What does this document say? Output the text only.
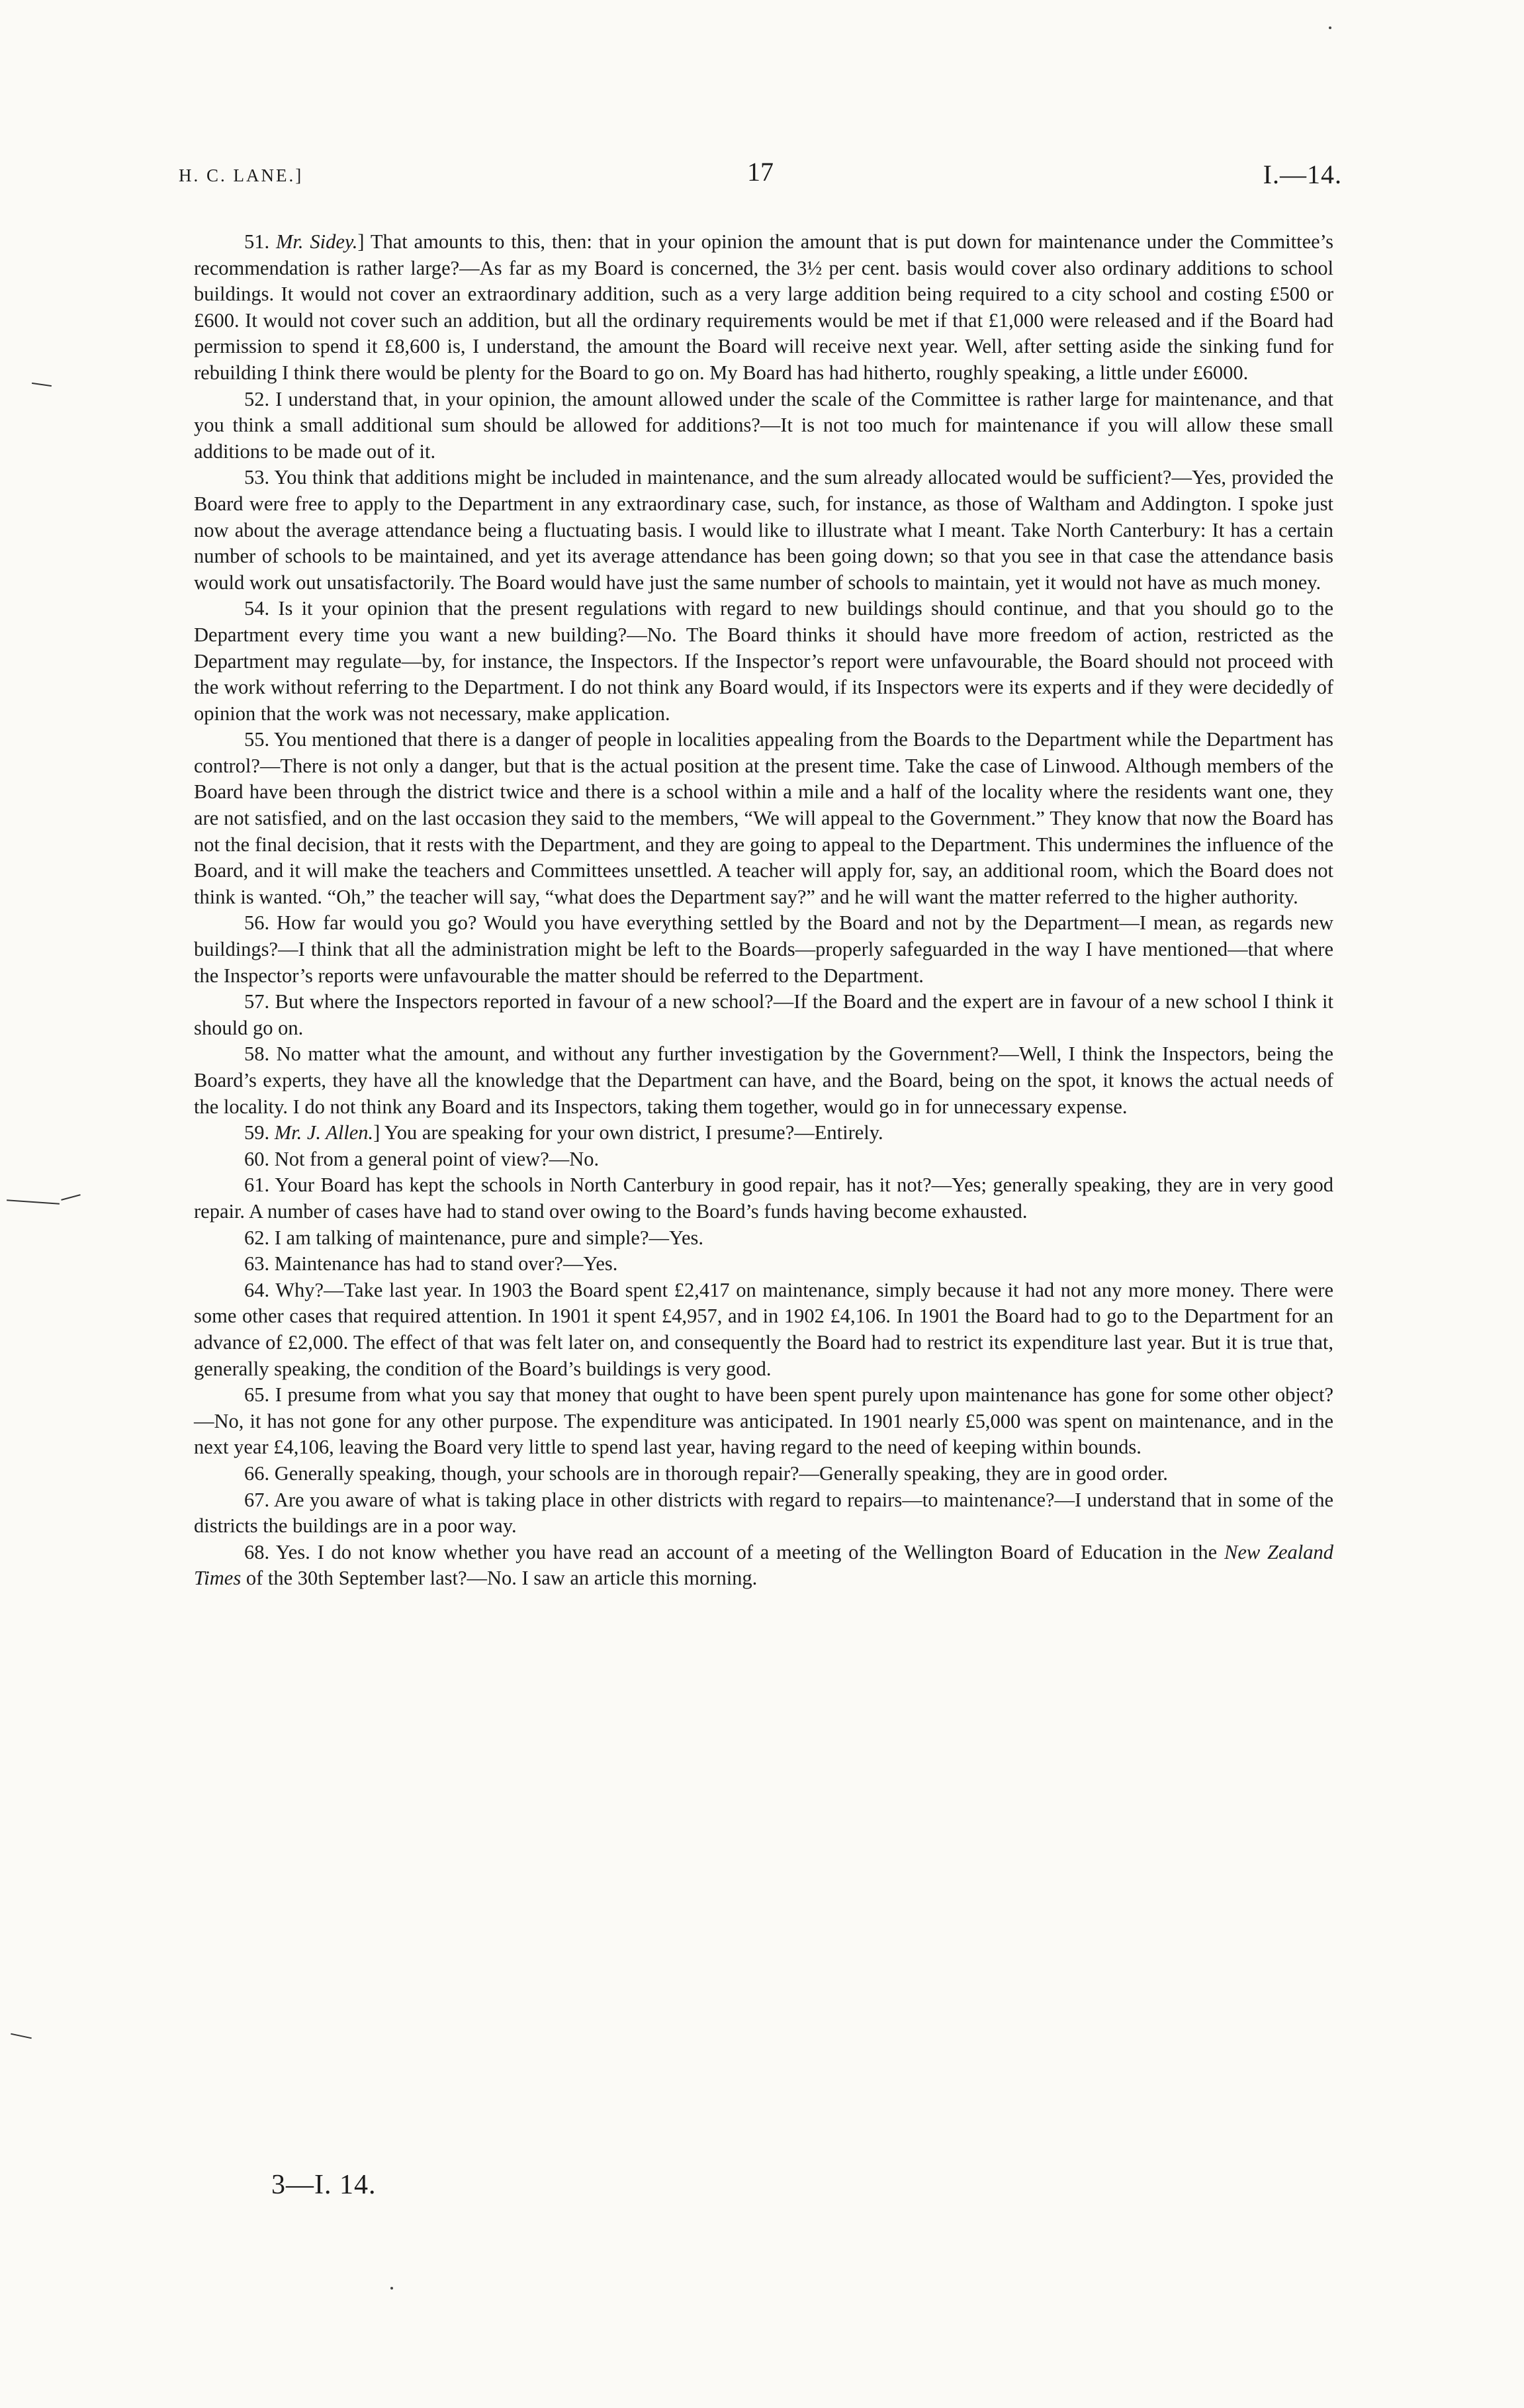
H. C. LANE.]	17	I.—14.

51. Mr. Sidey.] That amounts to this, then: that in your opinion the amount that is put down for maintenance under the Committee’s recommendation is rather large?—As far as my Board is concerned, the 3½ per cent. basis would cover also ordinary additions to school buildings. It would not cover an extraordinary addition, such as a very large addition being required to a city school and costing £500 or £600. It would not cover such an addition, but all the ordinary requirements would be met if that £1,000 were released and if the Board had permission to spend it £8,600 is, I understand, the amount the Board will receive next year. Well, after setting aside the sinking fund for rebuilding I think there would be plenty for the Board to go on. My Board has had hitherto, roughly speaking, a little under £6000.

52. I understand that, in your opinion, the amount allowed under the scale of the Committee is rather large for maintenance, and that you think a small additional sum should be allowed for additions?—It is not too much for maintenance if you will allow these small additions to be made out of it.

53. You think that additions might be included in maintenance, and the sum already allocated would be sufficient?—Yes, provided the Board were free to apply to the Department in any extraordinary case, such, for instance, as those of Waltham and Addington. I spoke just now about the average attendance being a fluctuating basis. I would like to illustrate what I meant. Take North Canterbury: It has a certain number of schools to be maintained, and yet its average attendance has been going down; so that you see in that case the attendance basis would work out unsatisfactorily. The Board would have just the same number of schools to maintain, yet it would not have as much money.

54. Is it your opinion that the present regulations with regard to new buildings should continue, and that you should go to the Department every time you want a new building?—No. The Board thinks it should have more freedom of action, restricted as the Department may regulate—by, for instance, the Inspectors. If the Inspector’s report were unfavourable, the Board should not proceed with the work without referring to the Department. I do not think any Board would, if its Inspectors were its experts and if they were decidedly of opinion that the work was not necessary, make application.

55. You mentioned that there is a danger of people in localities appealing from the Boards to the Department while the Department has control?—There is not only a danger, but that is the actual position at the present time. Take the case of Linwood. Although members of the Board have been through the district twice and there is a school within a mile and a half of the locality where the residents want one, they are not satisfied, and on the last occasion they said to the members, “We will appeal to the Government.” They know that now the Board has not the final decision, that it rests with the Department, and they are going to appeal to the Department. This undermines the influence of the Board, and it will make the teachers and Committees unsettled. A teacher will apply for, say, an additional room, which the Board does not think is wanted. “Oh,” the teacher will say, “what does the Department say?” and he will want the matter referred to the higher authority.

56. How far would you go? Would you have everything settled by the Board and not by the Department—I mean, as regards new buildings?—I think that all the administration might be left to the Boards—properly safeguarded in the way I have mentioned—that where the Inspector’s reports were unfavourable the matter should be referred to the Department.

57. But where the Inspectors reported in favour of a new school?—If the Board and the expert are in favour of a new school I think it should go on.

58. No matter what the amount, and without any further investigation by the Government?—Well, I think the Inspectors, being the Board’s experts, they have all the knowledge that the Department can have, and the Board, being on the spot, it knows the actual needs of the locality. I do not think any Board and its Inspectors, taking them together, would go in for unnecessary expense.

59. Mr. J. Allen.] You are speaking for your own district, I presume?—Entirely.

60. Not from a general point of view?—No.

61. Your Board has kept the schools in North Canterbury in good repair, has it not?—Yes; generally speaking, they are in very good repair. A number of cases have had to stand over owing to the Board’s funds having become exhausted.

62. I am talking of maintenance, pure and simple?—Yes.

63. Maintenance has had to stand over?—Yes.

64. Why?—Take last year. In 1903 the Board spent £2,417 on maintenance, simply because it had not any more money. There were some other cases that required attention. In 1901 it spent £4,957, and in 1902 £4,106. In 1901 the Board had to go to the Department for an advance of £2,000. The effect of that was felt later on, and consequently the Board had to restrict its expenditure last year. But it is true that, generally speaking, the condition of the Board’s buildings is very good.

65. I presume from what you say that money that ought to have been spent purely upon maintenance has gone for some other object?—No, it has not gone for any other purpose. The expenditure was anticipated. In 1901 nearly £5,000 was spent on maintenance, and in the next year £4,106, leaving the Board very little to spend last year, having regard to the need of keeping within bounds.

66. Generally speaking, though, your schools are in thorough repair?—Generally speaking, they are in good order.

67. Are you aware of what is taking place in other districts with regard to repairs—to maintenance?—I understand that in some of the districts the buildings are in a poor way.

68. Yes. I do not know whether you have read an account of a meeting of the Wellington Board of Education in the New Zealand Times of the 30th September last?—No. I saw an article this morning.

3—I. 14.
